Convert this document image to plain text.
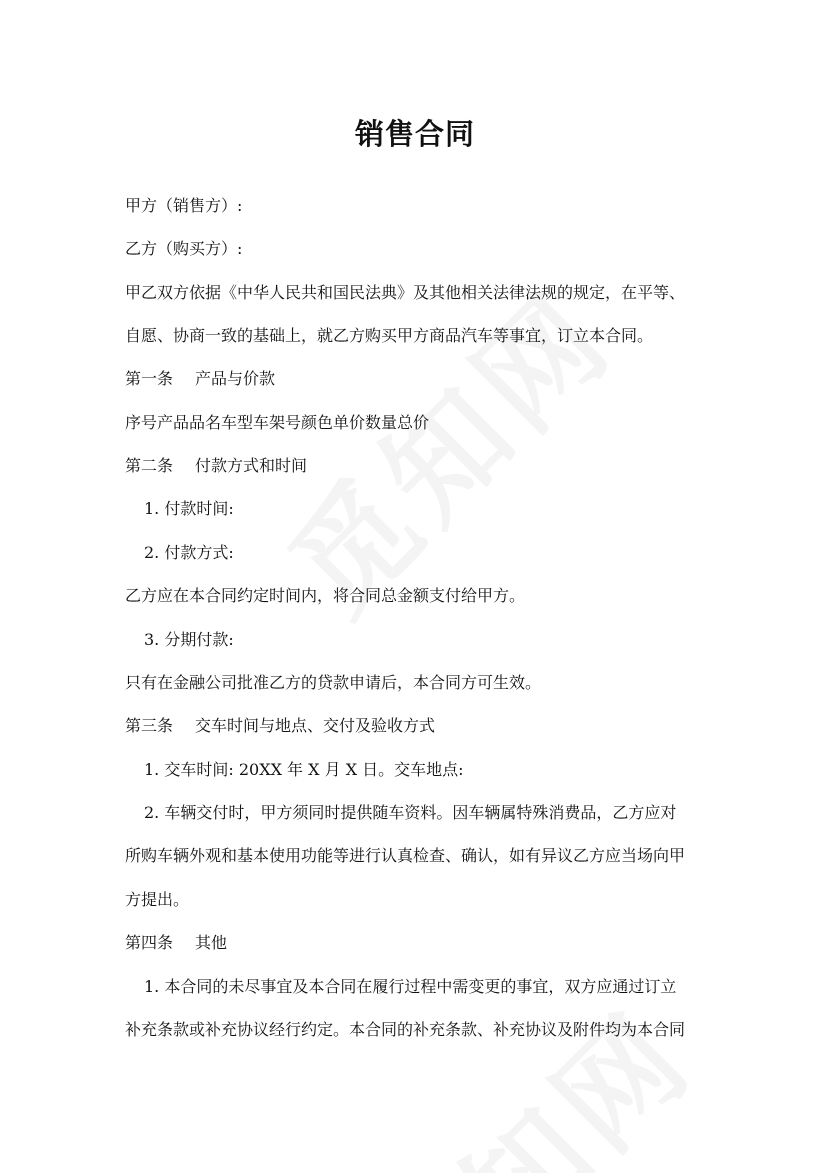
销售合同
甲方（销售方）:
乙方（购买方）:
甲乙双方依据《中华人民共和国民法典》及其他相关法律法规的规定，在平等、
自愿、协商一致的基础上，就乙方购买甲方商品汽车等事宜，订立本合同。
第一条 产品与价款
序号产品品名车型车架号颜色单价数量总价
第二条 付款方式和时间
1. 付款时间:
2. 付款方式:
乙方应在本合同约定时间内，将合同总金额支付给甲方。
3. 分期付款:
只有在金融公司批准乙方的贷款申请后，本合同方可生效。
第三条 交车时间与地点、交付及验收方式
1. 交车时间: 20XX 年 X 月 X 日。交车地点:
2. 车辆交付时，甲方须同时提供随车资料。因车辆属特殊消费品，乙方应对
所购车辆外观和基本使用功能等进行认真检查、确认，如有异议乙方应当场向甲
方提出。
第四条 其他
1. 本合同的未尽事宜及本合同在履行过程中需变更的事宜，双方应通过订立
补充条款或补充协议经行约定。本合同的补充条款、补充协议及附件均为本合同
